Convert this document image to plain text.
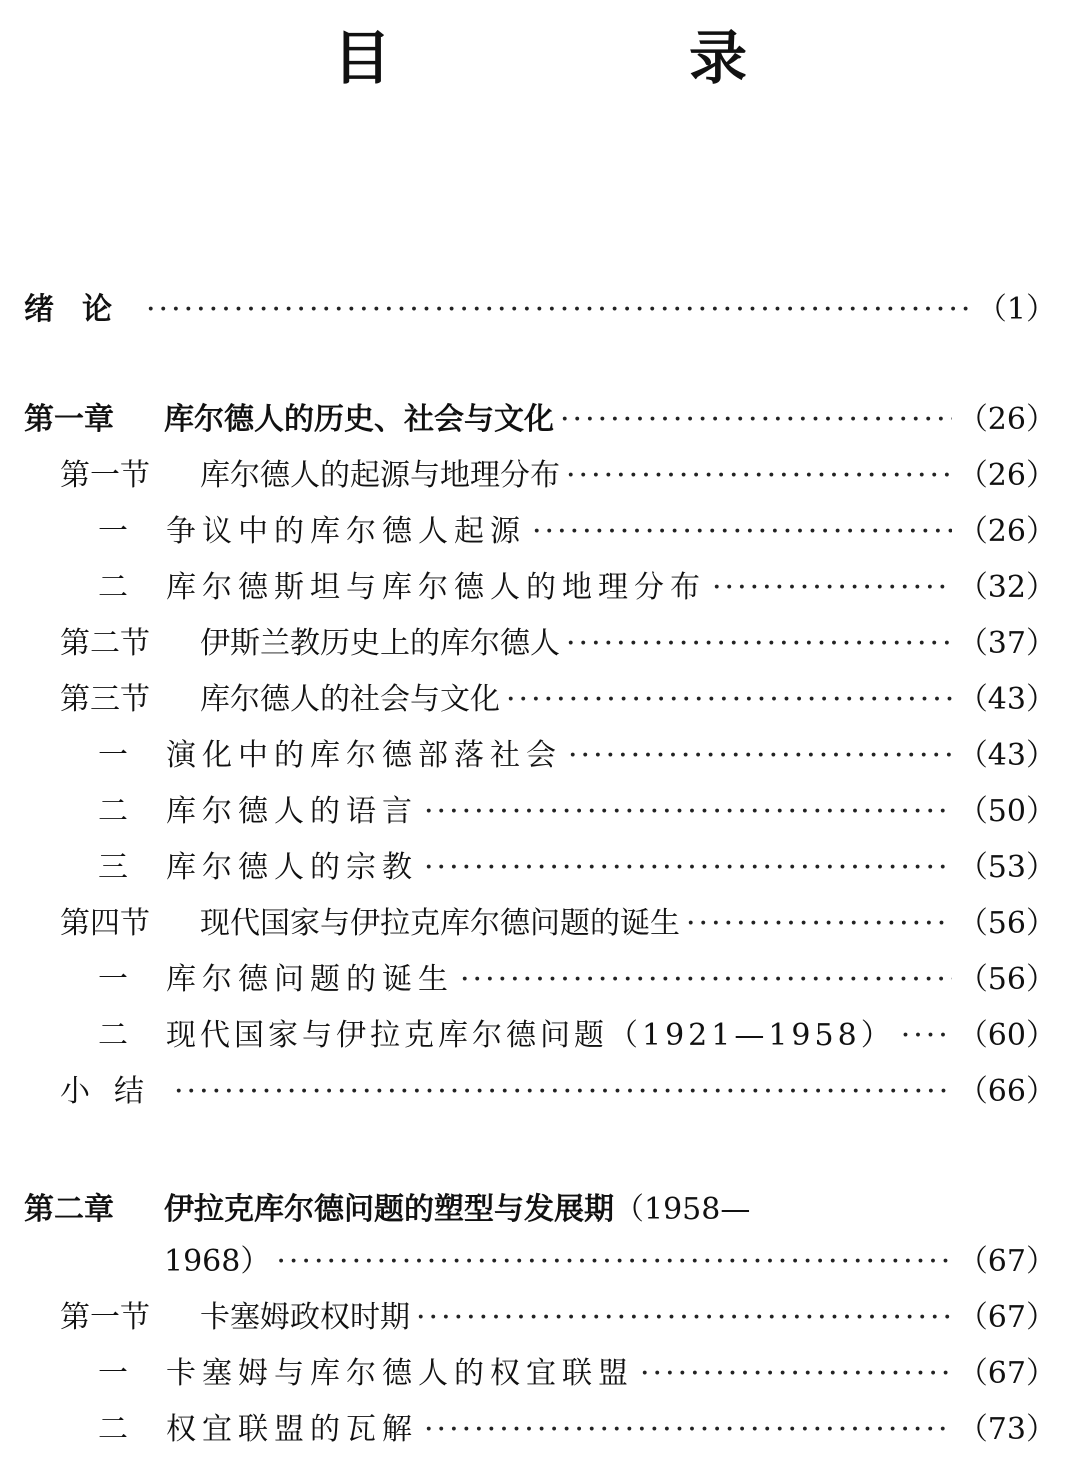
目　录
绪论 ·····	（1）
第一章	库尔德人的历史、社会与文化 ·····	（26）
第一节	库尔德人的起源与地理分布 ·····	（26）
一	争议中的库尔德人起源 ·····	（26）
二	库尔德斯坦与库尔德人的地理分布 ·····	（32）
第二节	伊斯兰教历史上的库尔德人 ·····	（37）
第三节	库尔德人的社会与文化 ·····	（43）
一	演化中的库尔德部落社会 ·····	（43）
二	库尔德人的语言 ·····	（50）
三	库尔德人的宗教 ·····	（53）
第四节	现代国家与伊拉克库尔德问题的诞生 ·····	（56）
一	库尔德问题的诞生 ·····	（56）
二	现代国家与伊拉克库尔德问题（1921—1958） ····· （60）
小结 ·····	（66）
第二章	伊拉克库尔德问题的塑型与发展期 （1958—
1968） ·····	（67）
第一节	卡塞姆政权时期 ·····	（67）
一	卡塞姆与库尔德人的权宜联盟 ·····	（67）
二	权宜联盟的瓦解 ·····	（73）
